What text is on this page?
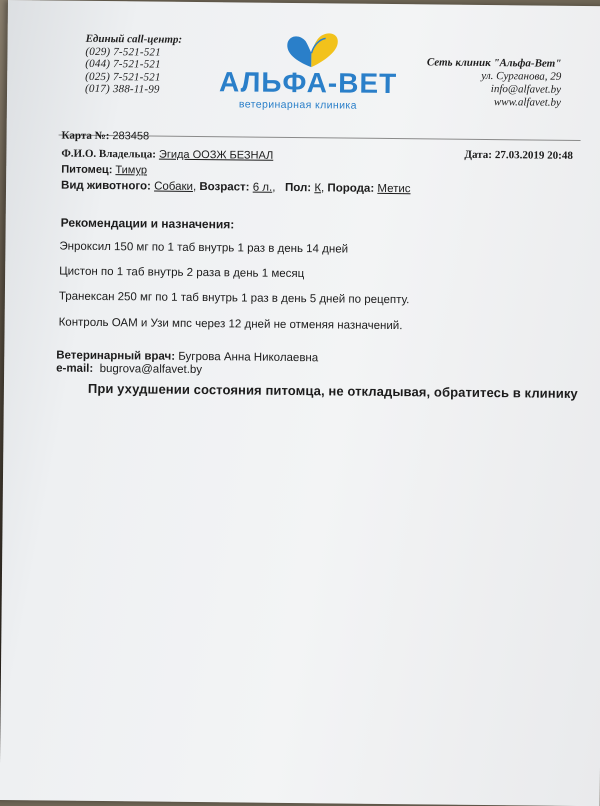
Единый call-центр:
(029) 7-521-521
(044) 7-521-521
(025) 7-521-521
(017) 388-11-99	АЛЬФА-ВЕТ
ветеринарная клиника
Сеть клиник "Альфа-Вет"
ул. Сурганова, 29
info@alfavet.by
www.alfavet.by
Карта №: 283458
Дата: 27.03.2019 20:48
Ф.И.О. Владельца: Эгида ООЗЖ БЕЗНАЛ
Питомец: Тимур
Вид животного: Собаки, Возраст: 6 л.,   Пол: К, Порода: Метис
Рекомендации и назначения:
Энроксил 150 мг по 1 таб внутрь 1 раз в день 14 дней
Цистон по 1 таб внутрь 2 раза в день 1 месяц
Транексан 250 мг по 1 таб внутрь 1 раз в день 5 дней по рецепту.
Контроль ОАМ и Узи мпс через 12 дней не отменяя назначений.
Ветеринарный врач: Бугрова Анна Николаевна
e-mail: bugrova@alfavet.by
При ухудшении состояния питомца, не откладывая, обратитесь в клинику
